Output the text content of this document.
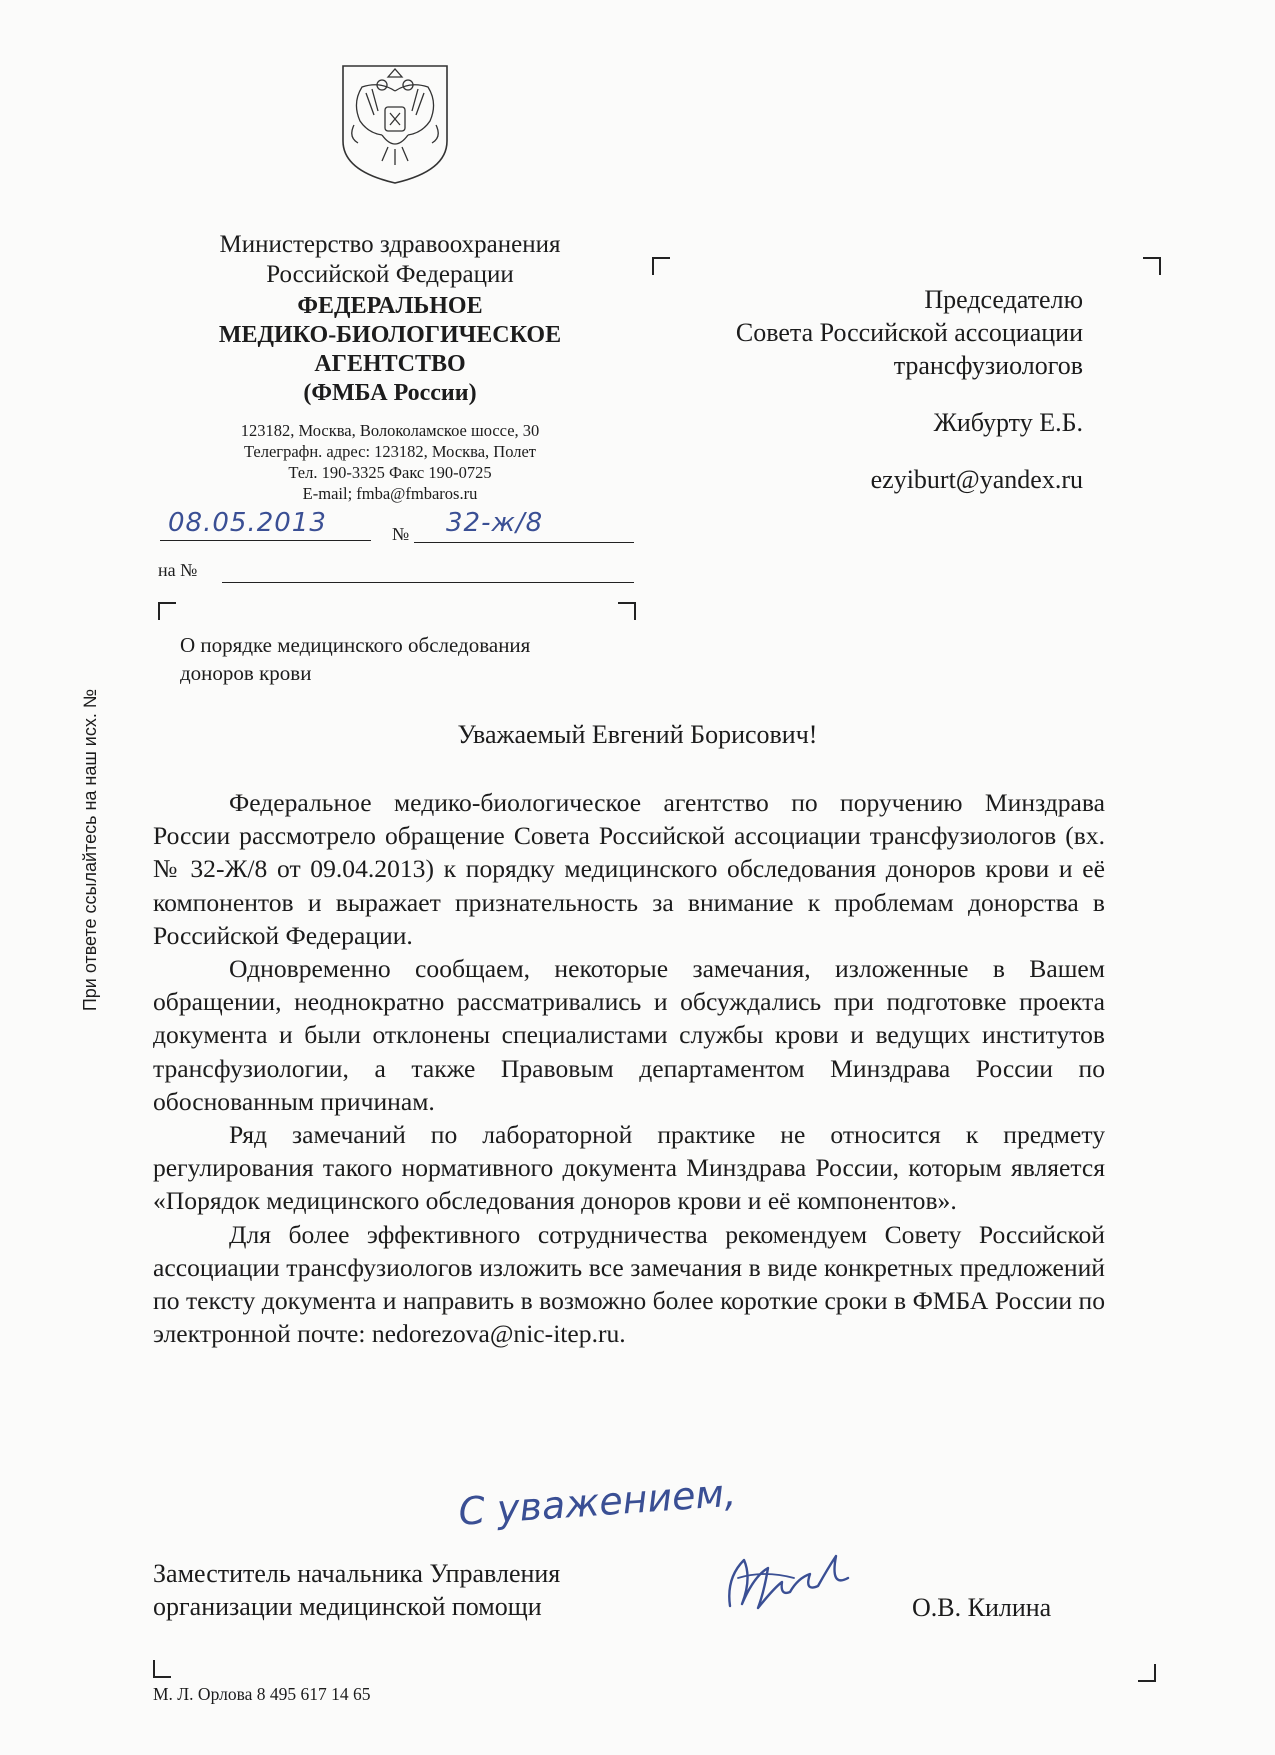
Министерство здравоохранения
Российской Федерации
ФЕДЕРАЛЬНОЕ
МЕДИКО-БИОЛОГИЧЕСКОЕ
АГЕНТСТВО
(ФМБА России)
123182, Москва, Волоколамское шоссе, 30
Телеграфн. адрес: 123182, Москва, Полет
Тел. 190-3325 Факс 190-0725
E-mail; fmba@fmbaros.ru
08.05.2013	№ 32-ж/8
на №
Председателю
Совета Российской ассоциации
трансфузиологов
Жибурту Е.Б.
ezyiburt@yandex.ru
О порядке медицинского обследования
доноров крови
Уважаемый Евгений Борисович!

Федеральное медико-биологическое агентство по поручению Минздрава России рассмотрело обращение Совета Российской ассоциации трансфузиологов (вх. № 32-Ж/8 от 09.04.2013) к порядку медицинского обследования доноров крови и её компонентов и выражает признательность за внимание к проблемам донорства в Российской Федерации.

Одновременно сообщаем, некоторые замечания, изложенные в Вашем обращении, неоднократно рассматривались и обсуждались при подготовке проекта документа и были отклонены специалистами службы крови и ведущих институтов трансфузиологии, а также Правовым департаментом Минздрава России по обоснованным причинам.

Ряд замечаний по лабораторной практике не относится к предмету регулирования такого нормативного документа Минздрава России, которым является «Порядок медицинского обследования доноров крови и её компонентов».

Для более эффективного сотрудничества рекомендуем Совету Российской ассоциации трансфузиологов изложить все замечания в виде конкретных предложений по тексту документа и направить в возможно более короткие сроки в ФМБА России по электронной почте: nedorezova@nic-itep.ru.

С уважением,
Заместитель начальника Управления
организации медицинской помощи	О.В. Килина
При ответе ссылайтесь на наш исх. №
М. Л. Орлова 8 495 617 14 65
